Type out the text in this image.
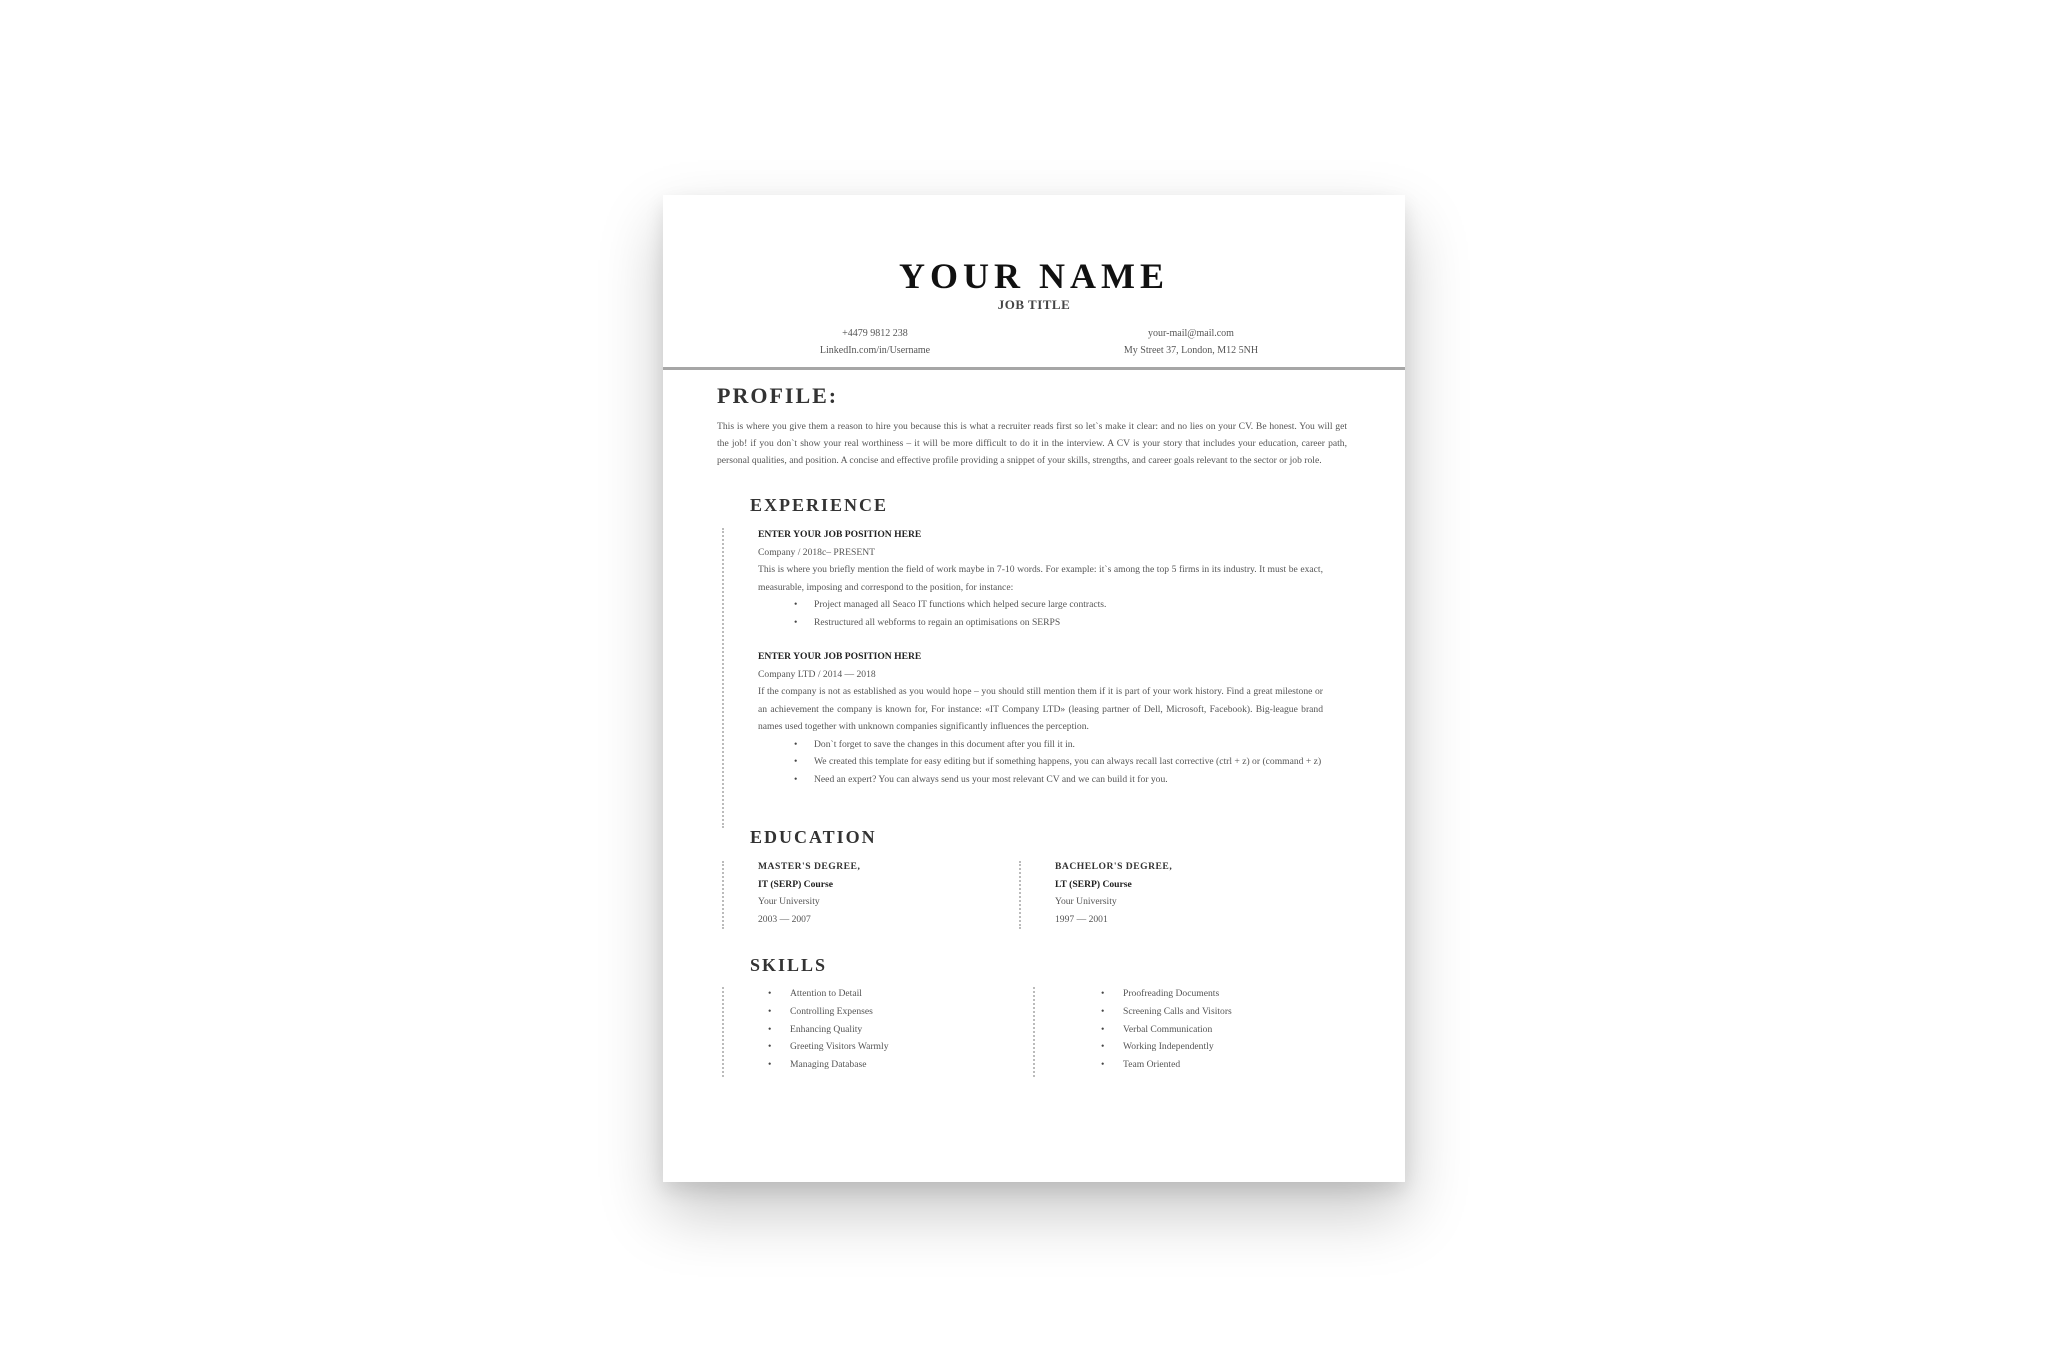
YOUR NAME
JOB TITLE
+4479 9812 238
LinkedIn.com/in/Username
your-mail@mail.com
My Street 37, London, M12 5NH
PROFILE:
This is where you give them a reason to hire you because this is what a recruiter reads first so let`s make it clear: and no lies on your CV. Be honest. You will get the job! if you don`t show your real worthiness – it will be more difficult to do it in the interview. A CV is your story that includes your education, career path, personal qualities, and position. A concise and effective profile providing a snippet of your skills, strengths, and career goals relevant to the sector or job role.
EXPERIENCE
ENTER YOUR JOB POSITION HERE
Company / 2018c– PRESENT
This is where you briefly mention the field of work maybe in 7-10 words. For example: it`s among the top 5 firms in its industry. It must be exact, measurable, imposing and correspond to the position, for instance:
• Project managed all Seaco IT functions which helped secure large contracts.
• Restructured all webforms to regain an optimisations on SERPS
ENTER YOUR JOB POSITION HERE
Company LTD / 2014 — 2018
If the company is not as established as you would hope – you should still mention them if it is part of your work history. Find a great milestone or an achievement the company is known for, For instance: «IT Company LTD» (leasing partner of Dell, Microsoft, Facebook). Big-league brand names used together with unknown companies significantly influences the perception.
• Don`t forget to save the changes in this document after you fill it in.
• We created this template for easy editing but if something happens, you can always recall last corrective (ctrl + z) or (command + z)
• Need an expert? You can always send us your most relevant CV and we can build it for you.
EDUCATION
MASTER'S DEGREE,
IT (SERP) Course
Your University
2003 — 2007
BACHELOR'S DEGREE,
LT (SERP) Course
Your University
1997 — 2001
SKILLS
• Attention to Detail
• Controlling Expenses
• Enhancing Quality
• Greeting Visitors Warmly
• Managing Database
• Proofreading Documents
• Screening Calls and Visitors
• Verbal Communication
• Working Independently
• Team Oriented
